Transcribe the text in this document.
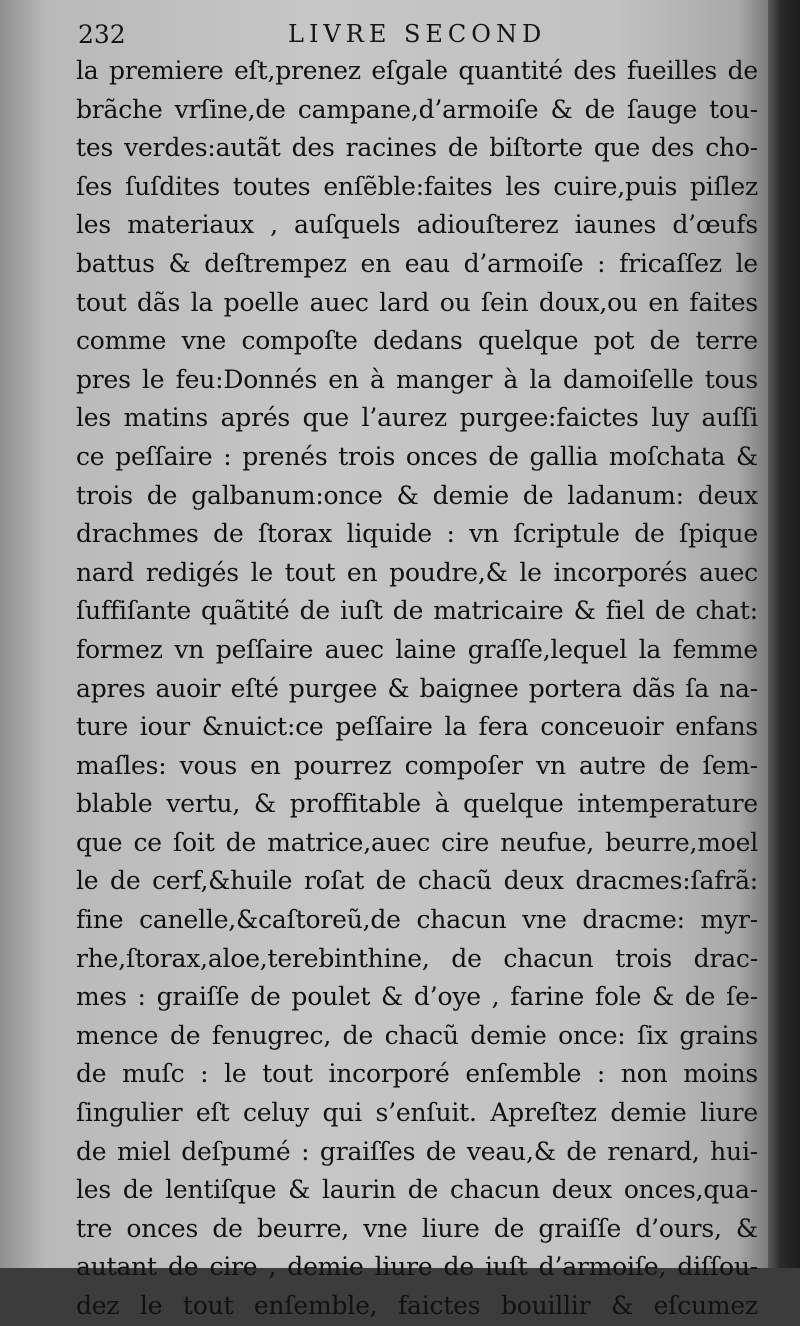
232	LIVRE SECOND
la premiere eſt,prenez eſgale quantité des fueilles de
brãche vrſine,de campane,d’armoiſe & de ſauge tou-
tes verdes:autãt des racines de biſtorte que des cho-
ſes ſuſdites toutes enſẽble:faites les cuire,puis piſlez
les materiaux , auſquels adiouſterez iaunes d’œufs
battus & deſtrempez en eau d’armoiſe : fricaſſez le
tout dãs la poelle auec lard ou ſein doux,ou en faites
comme vne compoſte dedans quelque pot de terre
pres le feu:Donnés en à manger à la damoiſelle tous
les matins aprés que l’aurez purgee:faictes luy auſſi
ce peſſaire : prenés trois onces de gallia moſchata &
trois de galbanum:once & demie de ladanum: deux
drachmes de ſtorax liquide : vn ſcriptule de ſpique
nard redigés le tout en poudre,& le incorporés auec
ſuffiſante quãtité de iuſt de matricaire & fiel de chat:
formez vn peſſaire auec laine graſſe,lequel la femme
apres auoir eſté purgee & baignee portera dãs ſa na-
ture iour &nuict:ce peſſaire la fera conceuoir enfans
maſles: vous en pourrez compoſer vn autre de ſem-
blable vertu, & proffitable à quelque intemperature
que ce ſoit de matrice,auec cire neufue, beurre,moel
le de cerf,&huile roſat de chacũ deux dracmes:ſafrã:
fine canelle,&caſtoreũ,de chacun vne dracme: myr-
rhe,ſtorax,aloe,terebinthine, de chacun trois drac-
mes : graiſſe de poulet & d’oye , farine fole & de ſe-
mence de fenugrec, de chacũ demie once: ſix grains
de muſc : le tout incorporé enſemble : non moins
ſingulier eſt celuy qui s’enſuit. Apreſtez demie liure
de miel deſpumé : graiſſes de veau,& de renard, hui-
les de lentiſque & laurin de chacun deux onces,qua-
tre onces de beurre, vne liure de graiſſe d’ours, &
autant de cire , demie liure de iuſt d’armoiſe, diſſou-
dez le tout enſemble, faictes bouillir & eſcumez
